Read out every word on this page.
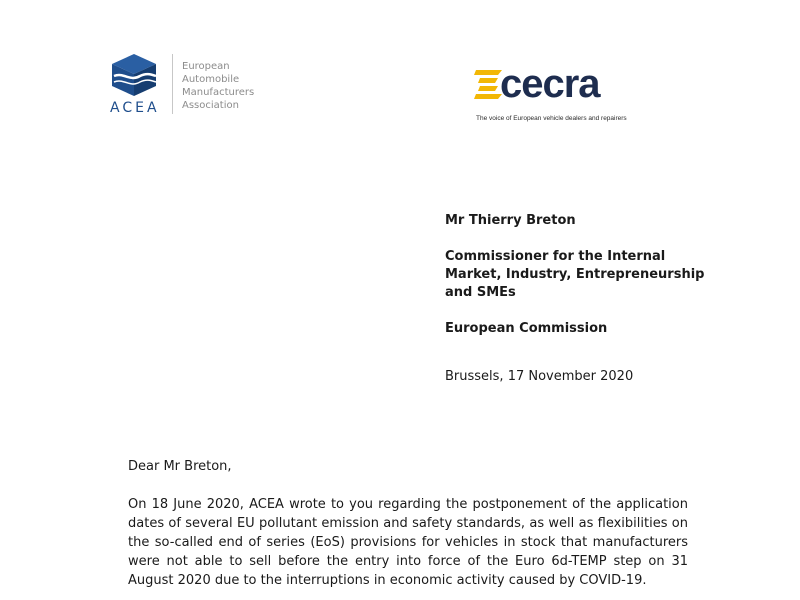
ACEA
European
Automobile
Manufacturers
Association	cecra
The voice of European vehicle dealers and repairers

Mr Thierry Breton

Commissioner for the Internal Market, Industry, Entrepreneurship and SMEs

European Commission

Brussels, 17 November 2020

Dear Mr Breton,

On 18 June 2020, ACEA wrote to you regarding the postponement of the application dates of several EU pollutant emission and safety standards, as well as flexibilities on the so-called end of series (EoS) provisions for vehicles in stock that manufacturers were not able to sell before the entry into force of the Euro 6d-TEMP step on 31 August 2020 due to the interruptions in economic activity caused by COVID-19.
